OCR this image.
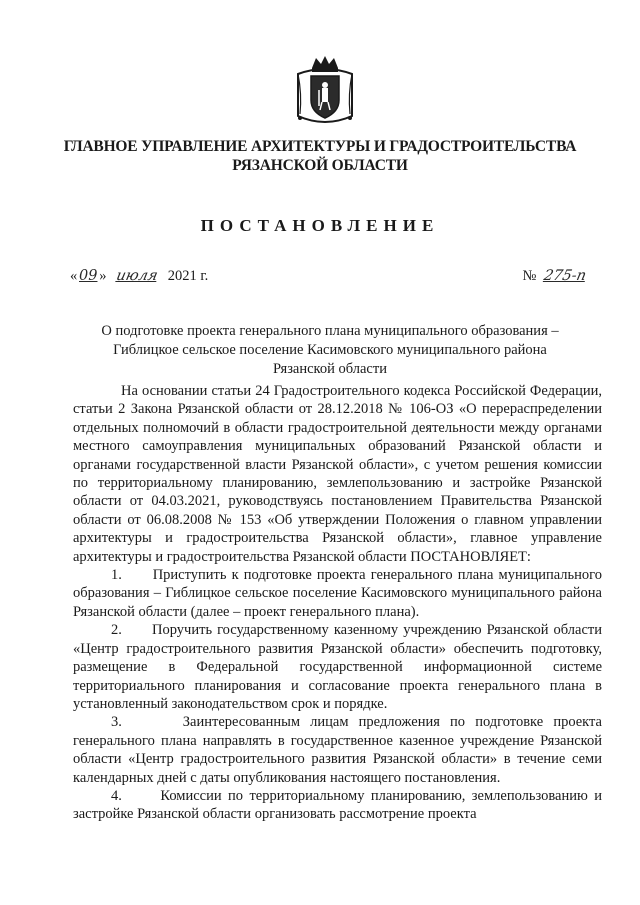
ГЛАВНОЕ УПРАВЛЕНИЕ АРХИТЕКТУРЫ И ГРАДОСТРОИТЕЛЬСТВА
РЯЗАНСКОЙ ОБЛАСТИ
ПОСТАНОВЛЕНИЕ
« 09 » июля 2021 г.	№ 275-п
О подготовке проекта генерального плана муниципального образования –
Гиблицкое сельское поселение Касимовского муниципального района
Рязанской области

На основании статьи 24 Градостроительного кодекса Российской Федерации, статьи 2 Закона Рязанской области от 28.12.2018 № 106-ОЗ «О перераспределении отдельных полномочий в области градостроительной деятельности между органами местного самоуправления муниципальных образований Рязанской области и органами государственной власти Рязанской области», с учетом решения комиссии по территориальному планированию, землепользованию и застройке Рязанской области от 04.03.2021, руководствуясь постановлением Правительства Рязанской области от 06.08.2008 № 153 «Об утверждении Положения о главном управлении архитектуры и градостроительства Рязанской области», главное управление архитектуры и градостроительства Рязанской области ПОСТАНОВЛЯЕТ:

1.      Приступить к подготовке проекта генерального плана муниципального образования – Гиблицкое сельское поселение Касимовского муниципального района Рязанской области (далее – проект генерального плана).

2.      Поручить государственному казенному учреждению Рязанской области «Центр градостроительного развития Рязанской области» обеспечить подготовку, размещение в Федеральной государственной информационной системе территориального планирования и согласование проекта генерального плана в установленный законодательством срок и порядке.

3.      Заинтересованным лицам предложения по подготовке проекта генерального плана направлять в государственное казенное учреждение Рязанской области «Центр градостроительного развития Рязанской области» в течение семи календарных дней с даты опубликования настоящего постановления.

4.      Комиссии по территориальному планированию, землепользованию и застройке Рязанской области организовать рассмотрение проекта
